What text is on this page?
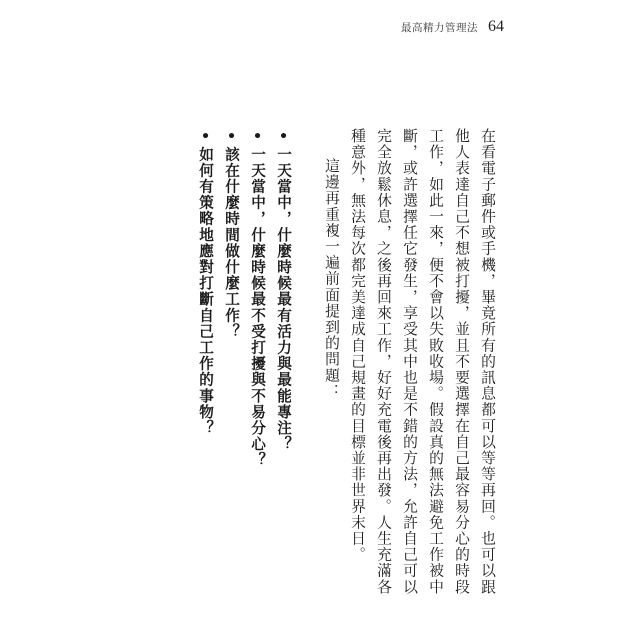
最高精力管理法 64

在看電子郵件或手機，畢竟所有的訊息都可以等等再回。也可以跟他人表達自己不想被打擾，並且不要選擇在自己最容易分心的時段工作，如此一來，便不會以失敗收場。假設真的無法避免工作被中斷，或許選擇任它發生，享受其中也是不錯的方法，允許自己可以完全放鬆休息，之後再回來工作，好好充電後再出發。人生充滿各種意外，無法每次都完美達成自己規畫的目標並非世界末日。

這邊再重複一遍前面提到的問題：

•一天當中，什麼時候最有活力與最能專注？

•一天當中，什麼時候最不受打擾與不易分心？

•該在什麼時間做什麼工作？

•如何有策略地應對打斷自己工作的事物？
